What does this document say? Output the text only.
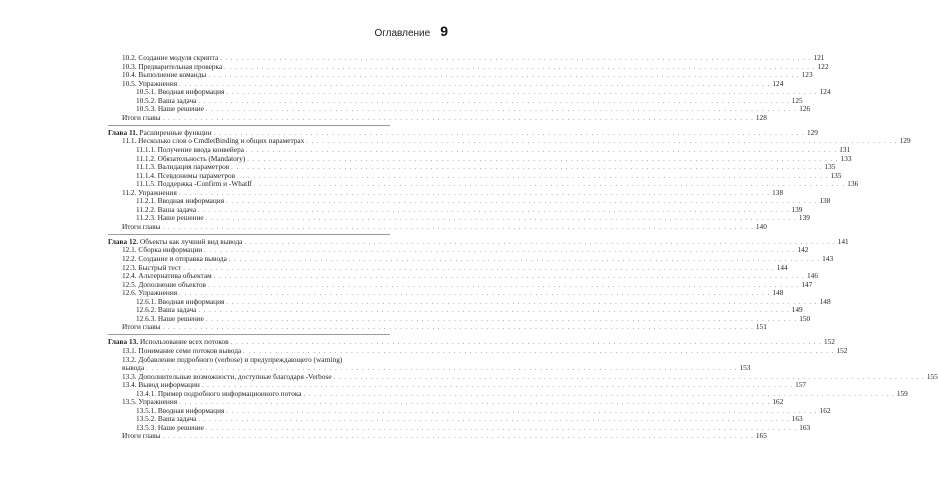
Оглавление 9
10.2. Создание модуля скрипта . . .	121
10.3. Предварительная проверка . . .	122
10.4. Выполнение команды . . .	123
10.5. Упражнения . . .	124
10.5.1. Вводная информация . . .	124
10.5.2. Ваша задача . . .	125
10.5.3. Наше решение . . .	126
Итоги главы . . .	128
Глава 11. Расширенные функции . . .	129
11.1. Несколько слов о CmdletBinding и общих параметрах . . .	129
11.1.1. Получение ввода конвейера . . .	131
11.1.2. Обязательность (Mandatory) . . .	133
11.1.3. Валидация параметров . . .	135
11.1.4. Псевдонимы параметров . . .	135
11.1.5. Поддержка -Confirm и -WhatIf . . .	136
11.2. Упражнения . . .	138
11.2.1. Вводная информация . . .	138
11.2.2. Ваша задача . . .	139
11.2.3. Наше решение . . .	139
Итоги главы . . .	140
Глава 12. Объекты как лучший вид вывода . . .	141
12.1. Сборка информации . . .	142
12.2. Создание и отправка вывода . . .	143
12.3. Быстрый тест . . .	144
12.4. Альтернатива объектам . . .	146
12.5. Дополнение объектов . . .	147
12.6. Упражнения . . .	148
12.6.1. Вводная информация . . .	148
12.6.2. Ваша задача . . .	149
12.6.3. Наше решение . . .	150
Итоги главы . . .	151
Глава 13. Использование всех потоков . . .	152
13.1. Понимание семи потоков вывода . . .	152
13.2. Добавление подробного (verbose) и предупреждающего (warning)
вывода . . .	153
13.3. Дополнительные возможности, доступные благодаря -Verbose . . .	155
13.4. Вывод информации . . .	157
13.4.1. Пример подробного информационного потока . . .	159
13.5. Упражнения . . .	162
13.5.1. Вводная информация . . .	162
13.5.2. Ваша задача . . .	163
13.5.3. Наше решение . . .	163
Итоги главы . . .	165
